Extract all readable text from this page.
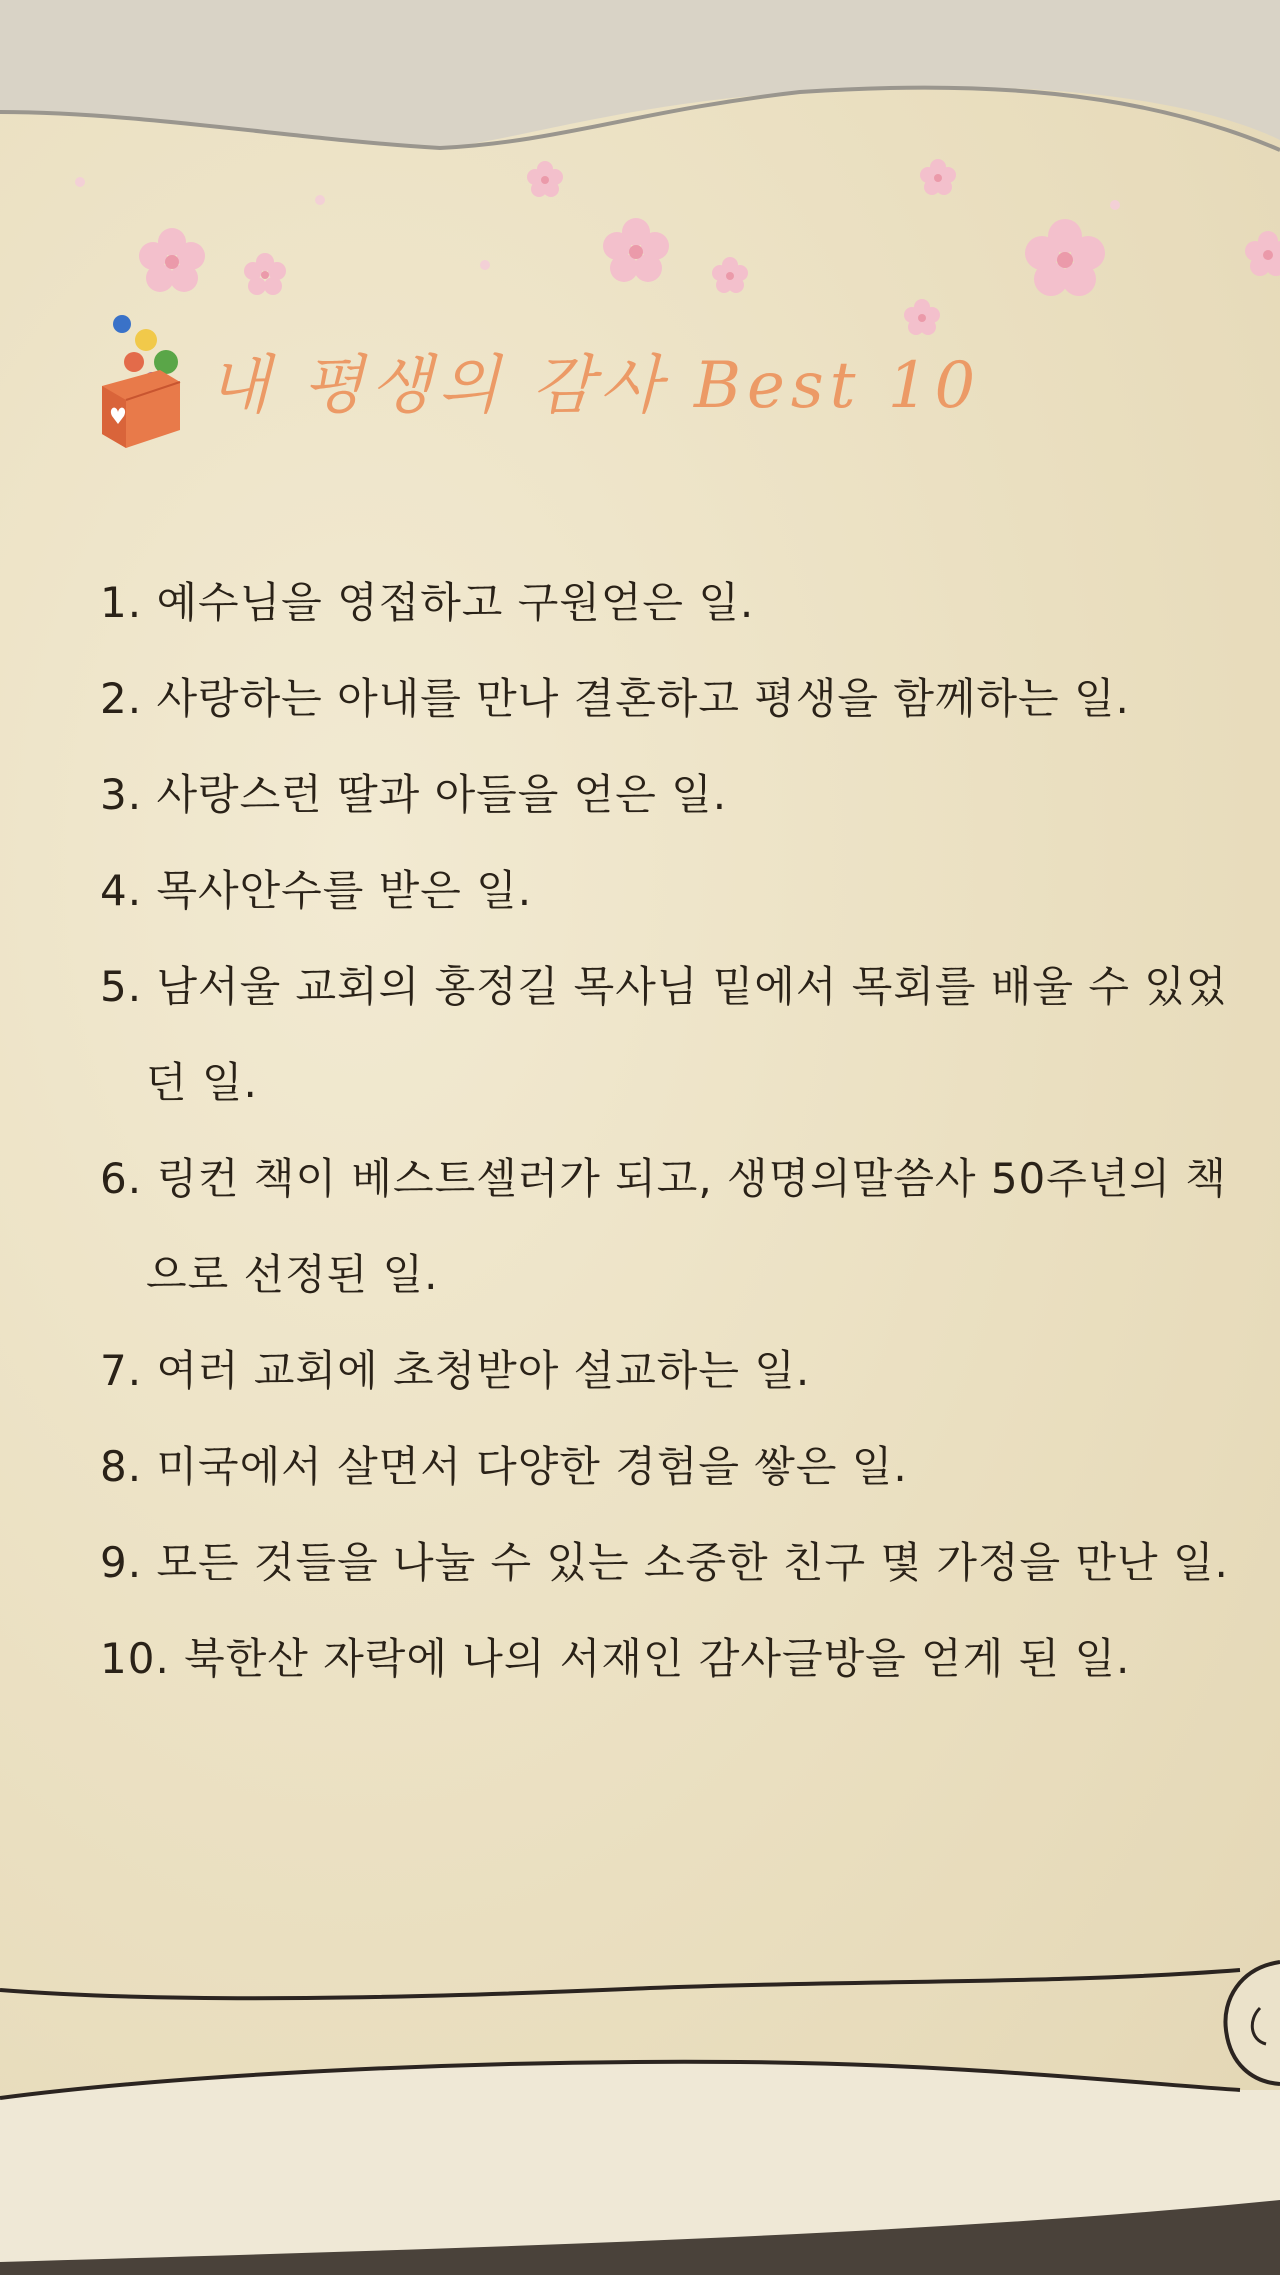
내 평생의 감사 Best 10
1. 예수님을 영접하고 구원얻은 일.
2. 사랑하는 아내를 만나 결혼하고 평생을 함께하는 일.
3. 사랑스런 딸과 아들을 얻은 일.
4. 목사안수를 받은 일.
5. 남서울 교회의 홍정길 목사님 밑에서 목회를 배울 수 있었
던 일.
6. 링컨 책이 베스트셀러가 되고, 생명의말씀사 50주년의 책
으로 선정된 일.
7. 여러 교회에 초청받아 설교하는 일.
8. 미국에서 살면서 다양한 경험을 쌓은 일.
9. 모든 것들을 나눌 수 있는 소중한 친구 몇 가정을 만난 일.
10. 북한산 자락에 나의 서재인 감사글방을 얻게 된 일.
